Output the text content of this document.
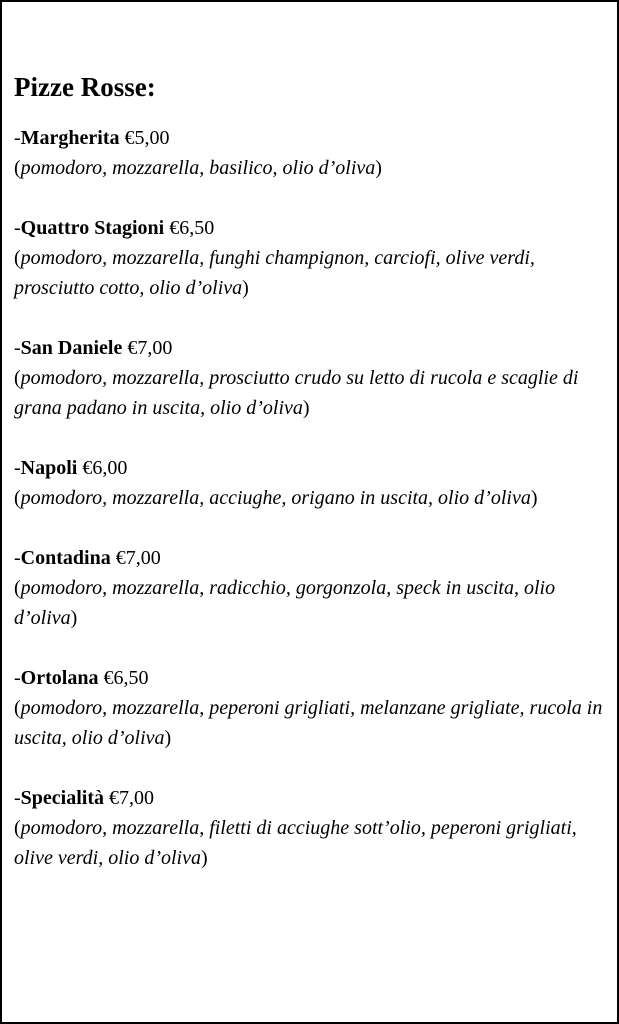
Pizze Rosse:
-Margherita €5,00
(pomodoro, mozzarella, basilico, olio d’oliva)
-Quattro Stagioni €6,50
(pomodoro, mozzarella, funghi champignon, carciofi, olive verdi, prosciutto cotto, olio d’oliva)
-San Daniele €7,00
(pomodoro, mozzarella, prosciutto crudo su letto di rucola e scaglie di grana padano in uscita, olio d’oliva)
-Napoli €6,00
(pomodoro, mozzarella, acciughe, origano in uscita, olio d’oliva)
-Contadina €7,00
(pomodoro, mozzarella, radicchio, gorgonzola, speck in uscita, olio d’oliva)
-Ortolana €6,50
(pomodoro, mozzarella, peperoni grigliati, melanzane grigliate, rucola in uscita, olio d’oliva)
-Specialità €7,00
(pomodoro, mozzarella, filetti di acciughe sott’olio, peperoni grigliati, olive verdi, olio d’oliva)
